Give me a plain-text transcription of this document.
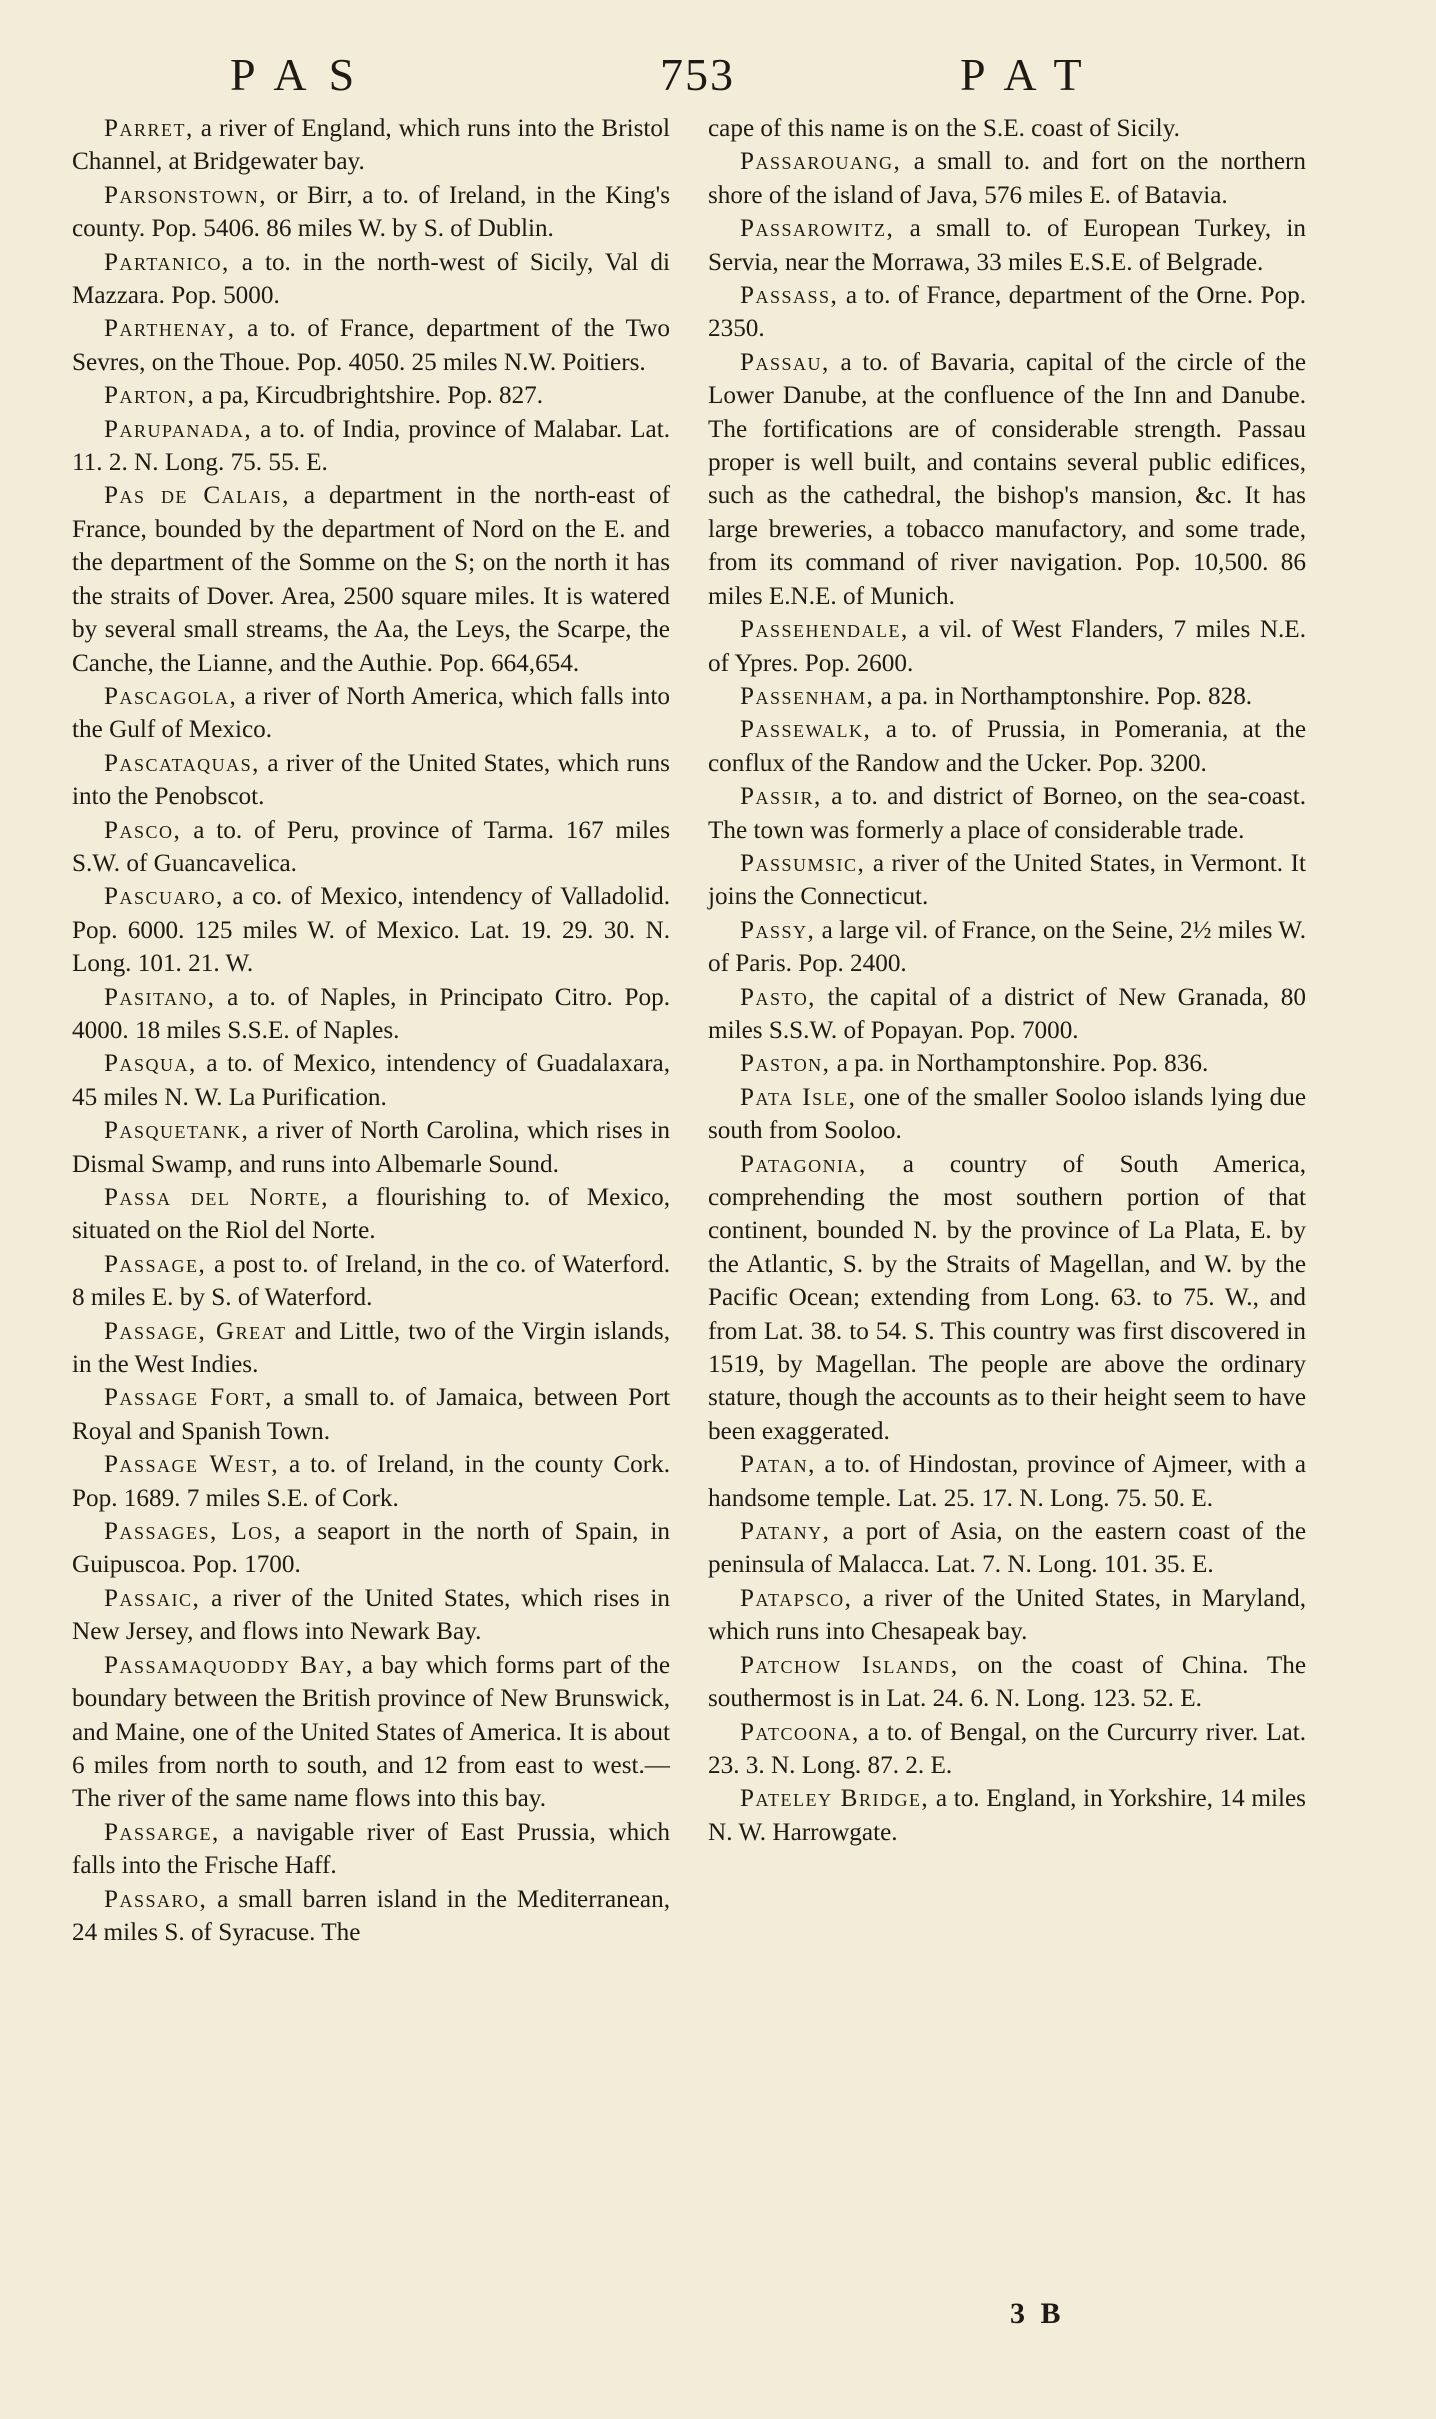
PAS	753	PAT

Parret, a river of England, which runs into the Bristol Channel, at Bridgewater bay.

Parsonstown, or Birr, a to. of Ireland, in the King's county. Pop. 5406. 86 miles W. by S. of Dublin.

Partanico, a to. in the north-west of Sicily, Val di Mazzara. Pop. 5000.

Parthenay, a to. of France, department of the Two Sevres, on the Thoue. Pop. 4050. 25 miles N.W. Poitiers.

Parton, a pa, Kircudbrightshire. Pop. 827.

Parupanada, a to. of India, province of Malabar. Lat. 11. 2. N. Long. 75. 55. E.

Pas de Calais, a department in the north-east of France, bounded by the department of Nord on the E. and the department of the Somme on the S; on the north it has the straits of Dover. Area, 2500 square miles. It is watered by several small streams, the Aa, the Leys, the Scarpe, the Canche, the Lianne, and the Authie. Pop. 664,654.

Pascagola, a river of North America, which falls into the Gulf of Mexico.

Pascataquas, a river of the United States, which runs into the Penobscot.

Pasco, a to. of Peru, province of Tarma. 167 miles S.W. of Guancavelica.

Pascuaro, a co. of Mexico, intendency of Valladolid. Pop. 6000. 125 miles W. of Mexico. Lat. 19. 29. 30. N. Long. 101. 21. W.

Pasitano, a to. of Naples, in Principato Citro. Pop. 4000. 18 miles S.S.E. of Naples.

Pasqua, a to. of Mexico, intendency of Guadalaxara, 45 miles N. W. La Purification.

Pasquetank, a river of North Carolina, which rises in Dismal Swamp, and runs into Albemarle Sound.

Passa del Norte, a flourishing to. of Mexico, situated on the Riol del Norte.

Passage, a post to. of Ireland, in the co. of Waterford. 8 miles E. by S. of Waterford.

Passage, Great and Little, two of the Virgin islands, in the West Indies.

Passage Fort, a small to. of Jamaica, between Port Royal and Spanish Town.

Passage West, a to. of Ireland, in the county Cork. Pop. 1689. 7 miles S.E. of Cork.

Passages, Los, a seaport in the north of Spain, in Guipuscoa. Pop. 1700.

Passaic, a river of the United States, which rises in New Jersey, and flows into Newark Bay.

Passamaquoddy Bay, a bay which forms part of the boundary between the British province of New Brunswick, and Maine, one of the United States of America. It is about 6 miles from north to south, and 12 from east to west.—The river of the same name flows into this bay.

Passarge, a navigable river of East Prussia, which falls into the Frische Haff.

Passaro, a small barren island in the Mediterranean, 24 miles S. of Syracuse. The

cape of this name is on the S.E. coast of Sicily.

Passarouang, a small to. and fort on the northern shore of the island of Java, 576 miles E. of Batavia.

Passarowitz, a small to. of European Turkey, in Servia, near the Morrawa, 33 miles E.S.E. of Belgrade.

Passass, a to. of France, department of the Orne. Pop. 2350.

Passau, a to. of Bavaria, capital of the circle of the Lower Danube, at the confluence of the Inn and Danube. The fortifications are of considerable strength. Passau proper is well built, and contains several public edifices, such as the cathedral, the bishop's mansion, &c. It has large breweries, a tobacco manufactory, and some trade, from its command of river navigation. Pop. 10,500. 86 miles E.N.E. of Munich.

Passehendale, a vil. of West Flanders, 7 miles N.E. of Ypres. Pop. 2600.

Passenham, a pa. in Northamptonshire. Pop. 828.

Passewalk, a to. of Prussia, in Pomerania, at the conflux of the Randow and the Ucker. Pop. 3200.

Passir, a to. and district of Borneo, on the sea-coast. The town was formerly a place of considerable trade.

Passumsic, a river of the United States, in Vermont. It joins the Connecticut.

Passy, a large vil. of France, on the Seine, 2½ miles W. of Paris. Pop. 2400.

Pasto, the capital of a district of New Granada, 80 miles S.S.W. of Popayan. Pop. 7000.

Paston, a pa. in Northamptonshire. Pop. 836.

Pata Isle, one of the smaller Sooloo islands lying due south from Sooloo.

Patagonia, a country of South America, comprehending the most southern portion of that continent, bounded N. by the province of La Plata, E. by the Atlantic, S. by the Straits of Magellan, and W. by the Pacific Ocean; extending from Long. 63. to 75. W., and from Lat. 38. to 54. S. This country was first discovered in 1519, by Magellan. The people are above the ordinary stature, though the accounts as to their height seem to have been exaggerated.

Patan, a to. of Hindostan, province of Ajmeer, with a handsome temple. Lat. 25. 17. N. Long. 75. 50. E.

Patany, a port of Asia, on the eastern coast of the peninsula of Malacca. Lat. 7. N. Long. 101. 35. E.

Patapsco, a river of the United States, in Maryland, which runs into Chesapeak bay.

Patchow Islands, on the coast of China. The southermost is in Lat. 24. 6. N. Long. 123. 52. E.

Patcoona, a to. of Bengal, on the Curcurry river. Lat. 23. 3. N. Long. 87. 2. E.

Pateley Bridge, a to. England, in Yorkshire, 14 miles N. W. Harrowgate.

3 B
